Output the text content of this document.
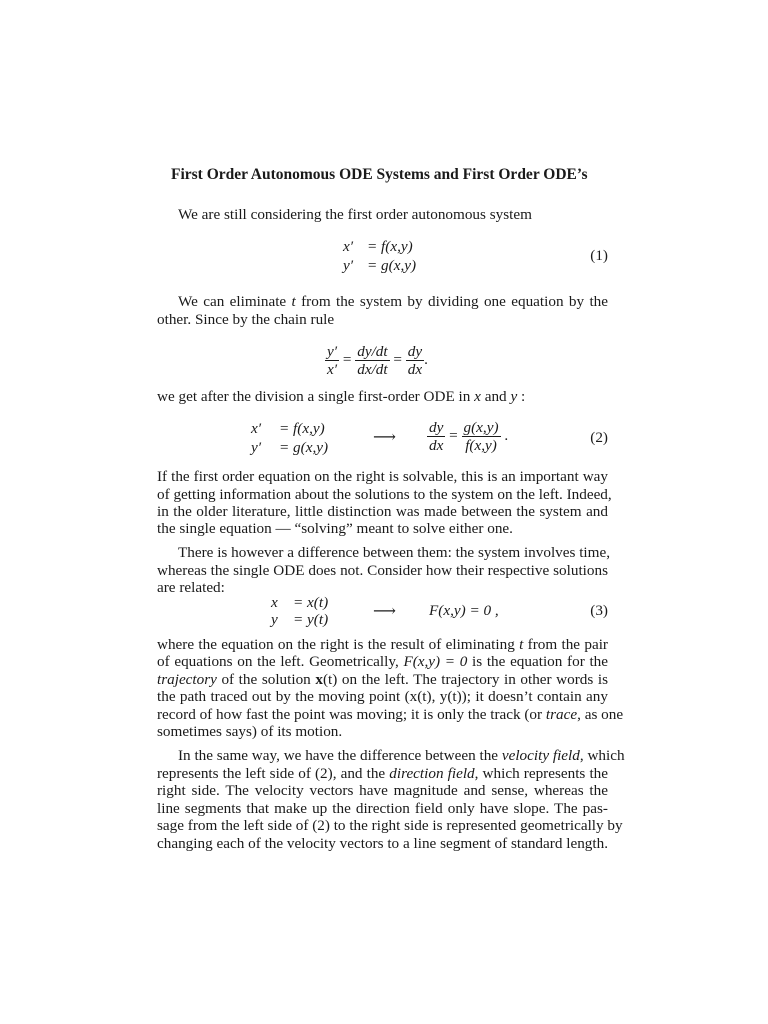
First Order Autonomous ODE Systems and First Order ODE’s
We are still considering the first order autonomous system
x′ = f(x,y)
y′ = g(x,y)
(1)
We can eliminate t from the system by dividing one equation by the
other. Since by the chain rule
$\frac{y'}{x'} = \frac{dy/dt}{dx/dt} = \frac{dy}{dx}$ .
we get after the division a single first-order ODE in x and y :
x′ = f(x,y)
y′ = g(x,y)
⟶ $\frac{dy}{dx} = \frac{g(x,y)}{f(x,y)}$ .	(2)
If the first order equation on the right is solvable, this is an important way
of getting information about the solutions to the system on the left. Indeed,
in the older literature, little distinction was made between the system and
the single equation — “solving” meant to solve either one.
There is however a difference between them: the system involves time,
whereas the single ODE does not. Consider how their respective solutions
are related:
x = x(t)
y = y(t)	⟶ F(x,y) = 0 ,	(3)
where the equation on the right is the result of eliminating t from the pair
of equations on the left. Geometrically, F(x,y) = 0 is the equation for the
trajectory of the solution x(t) on the left. The trajectory in other words is
the path traced out by the moving point (x(t), y(t)); it doesn’t contain any
record of how fast the point was moving; it is only the track (or trace, as one
sometimes says) of its motion.
In the same way, we have the difference between the velocity field, which
represents the left side of (2), and the direction field, which represents the
right side. The velocity vectors have magnitude and sense, whereas the
line segments that make up the direction field only have slope. The pas-
sage from the left side of (2) to the right side is represented geometrically by
changing each of the velocity vectors to a line segment of standard length.
